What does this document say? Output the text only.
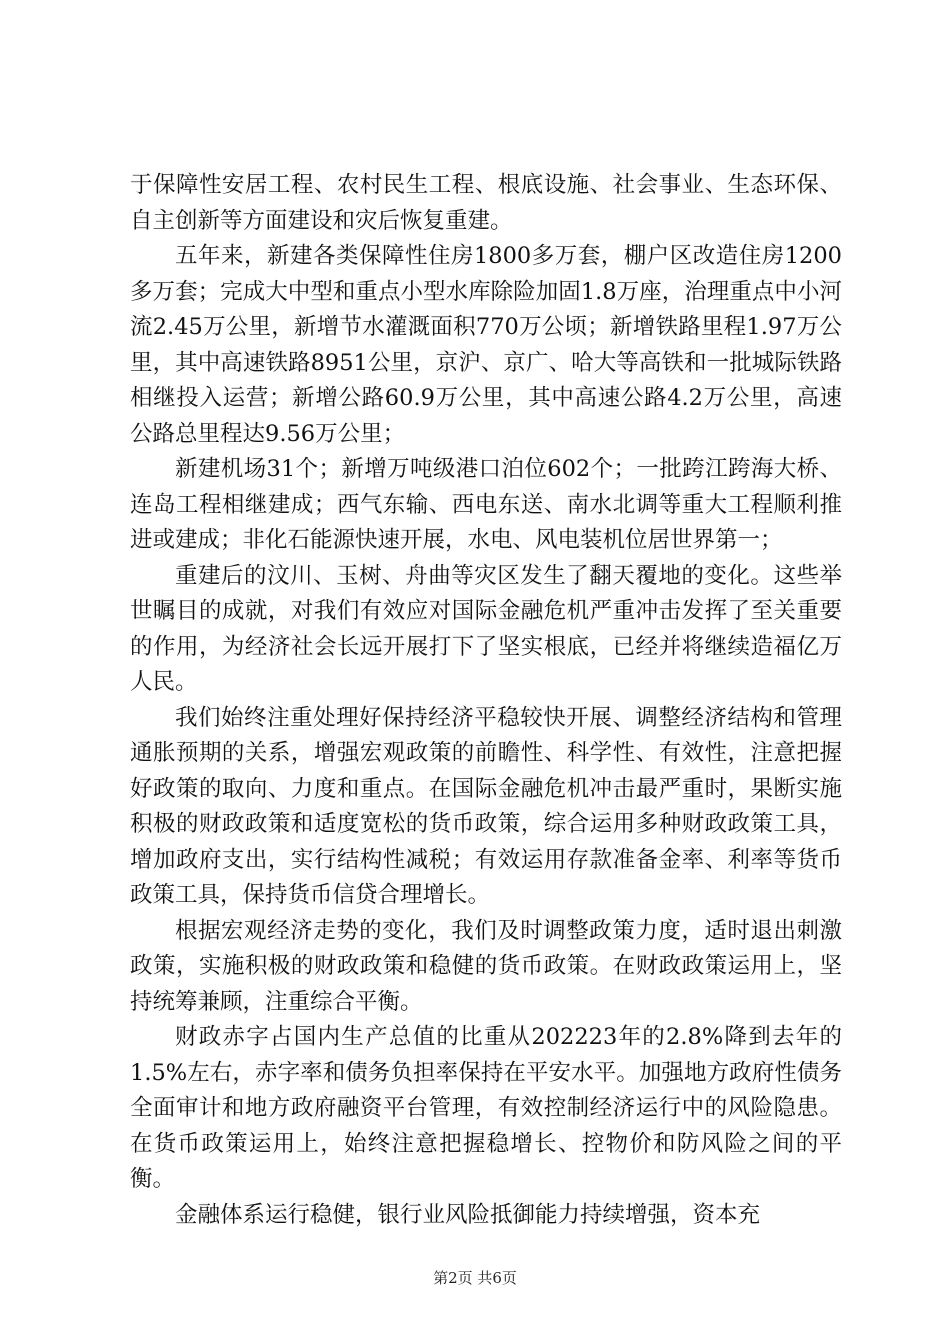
于保障性安居工程、农村民生工程、根底设施、社会事业、生态环保、自主创新等方面建设和灾后恢复重建。

五年来，新建各类保障性住房1800多万套，棚户区改造住房1200多万套；完成大中型和重点小型水库除险加固1.8万座，治理重点中小河流2.45万公里，新增节水灌溉面积770万公顷；新增铁路里程1.97万公里，其中高速铁路8951公里，京沪、京广、哈大等高铁和一批城际铁路相继投入运营；新增公路60.9万公里，其中高速公路4.2万公里，高速公路总里程达9.56万公里；

新建机场31个；新增万吨级港口泊位602个；一批跨江跨海大桥、连岛工程相继建成；西气东输、西电东送、南水北调等重大工程顺利推进或建成；非化石能源快速开展，水电、风电装机位居世界第一；

重建后的汶川、玉树、舟曲等灾区发生了翻天覆地的变化。这些举世瞩目的成就，对我们有效应对国际金融危机严重冲击发挥了至关重要的作用，为经济社会长远开展打下了坚实根底，已经并将继续造福亿万人民。

我们始终注重处理好保持经济平稳较快开展、调整经济结构和管理通胀预期的关系，增强宏观政策的前瞻性、科学性、有效性，注意把握好政策的取向、力度和重点。在国际金融危机冲击最严重时，果断实施积极的财政政策和适度宽松的货币政策，综合运用多种财政政策工具，增加政府支出，实行结构性减税；有效运用存款准备金率、利率等货币政策工具，保持货币信贷合理增长。

根据宏观经济走势的变化，我们及时调整政策力度，适时退出刺激政策，实施积极的财政政策和稳健的货币政策。在财政政策运用上，坚持统筹兼顾，注重综合平衡。

财政赤字占国内生产总值的比重从202223年的2.8%降到去年的1.5%左右，赤字率和债务负担率保持在平安水平。加强地方政府性债务全面审计和地方政府融资平台管理，有效控制经济运行中的风险隐患。在货币政策运用上，始终注意把握稳增长、控物价和防风险之间的平衡。

金融体系运行稳健，银行业风险抵御能力持续增强，资本充

第2页 共6页
